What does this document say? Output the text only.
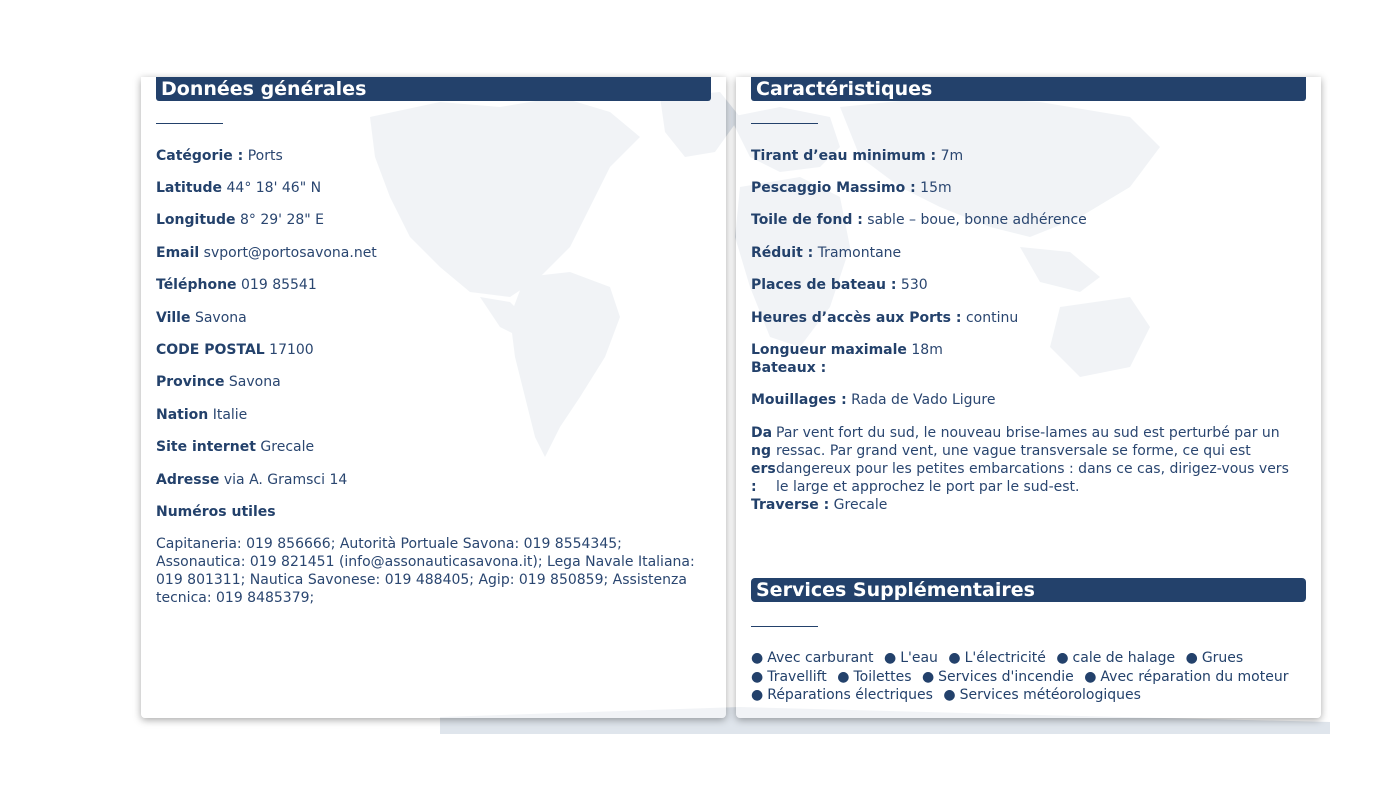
Données générales
Catégorie : Ports
Latitude 44° 18' 46" N
Longitude 8° 29' 28" E
Email svport@portosavona.net
Téléphone 019 85541
Ville Savona
CODE POSTAL 17100
Province Savona
Nation Italie
Site internet Grecale
Adresse via A. Gramsci 14
Numéros utiles
Capitaneria: 019 856666; Autorità Portuale Savona: 019 8554345; Assonautica: 019 821451 (info@assonauticasavona.it); Lega Navale Italiana: 019 801311; Nautica Savonese: 019 488405; Agip: 019 850859; Assistenza tecnica: 019 8485379;
Caractéristiques
Tirant d’eau minimum : 7m
Pescaggio Massimo : 15m
Toile de fond : sable – boue, bonne adhérence
Réduit : Tramontane
Places de bateau : 530
Heures d’accès aux Ports : continu
Longueur maximale 18m
Bateaux :
Mouillages : Rada de Vado Ligure
Dangers :
Par vent fort du sud, le nouveau brise-lames au sud est perturbé par un ressac. Par grand vent, une vague transversale se forme, ce qui est dangereux pour les petites embarcations : dans ce cas, dirigez-vous vers le large et approchez le port par le sud-est.
Traverse : Grecale
Services Supplémentaires
● Avec carburant ● L'eau ● L'électricité ● cale de halage ● Grues ● Travellift ● Toilettes ● Services d'incendie ● Avec réparation du moteur ● Réparations électriques ● Services météorologiques
